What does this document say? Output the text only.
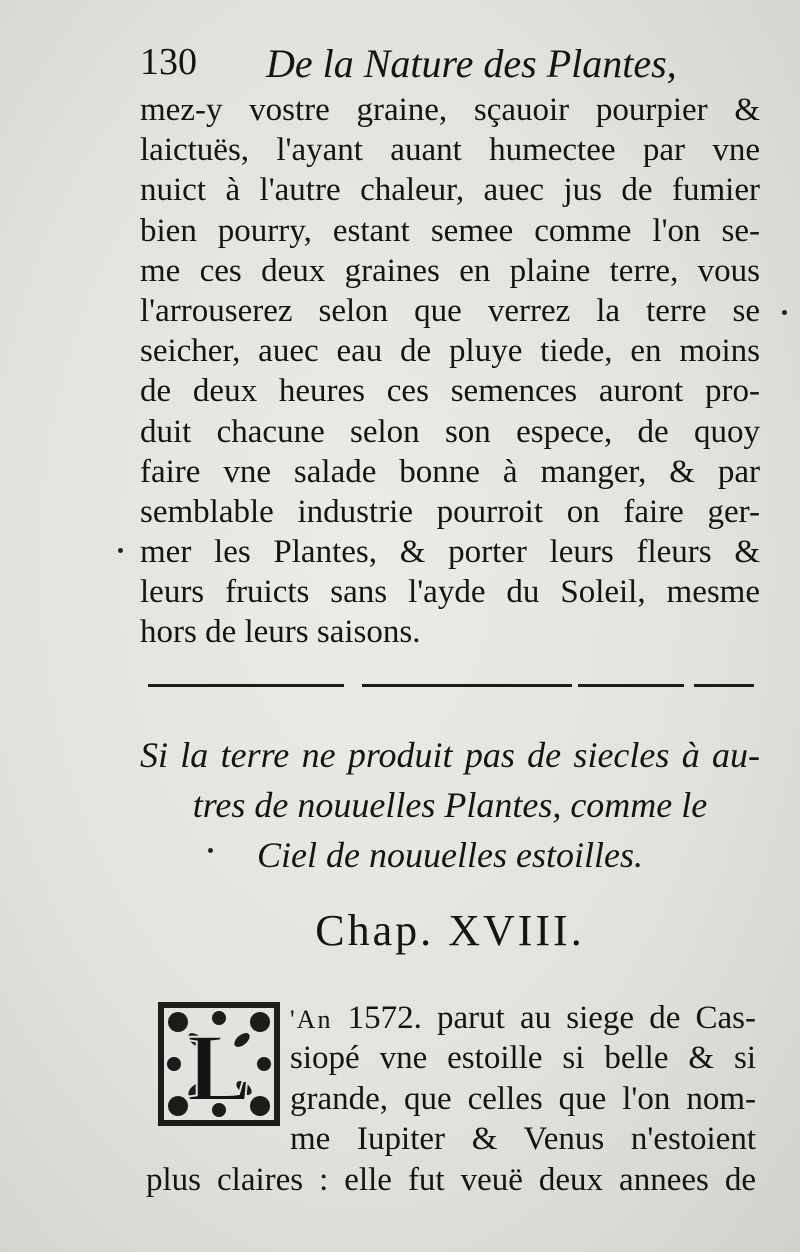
130 De la Nature des Plantes,
mez-y vostre graine, sçauoir pourpier &
laictuës, l'ayant auant humectee par vne
nuict à l'autre chaleur, auec jus de fumier
bien pourry, estant semee comme l'on se-
me ces deux graines en plaine terre, vous
l'arrouserez selon que verrez la terre se
seicher, auec eau de pluye tiede, en moins
de deux heures ces semences auront pro-
duit chacune selon son espece, de quoy
faire vne salade bonne à manger, & par
semblable industrie pourroit on faire ger-
mer les Plantes, & porter leurs fleurs &
leurs fruicts sans l'ayde du Soleil, mesme
hors de leurs saisons.
Si la terre ne produit pas de siecles à au-
tres de nouuelles Plantes, comme le
Ciel de nouuelles estoilles.
Chap. XVIII.
L 'An 1572. parut au siege de Cas-
siopé vne estoille si belle & si
grande, que celles que l'on nom-
me Iupiter & Venus n'estoient
plus claires : elle fut veuë deux annees de
